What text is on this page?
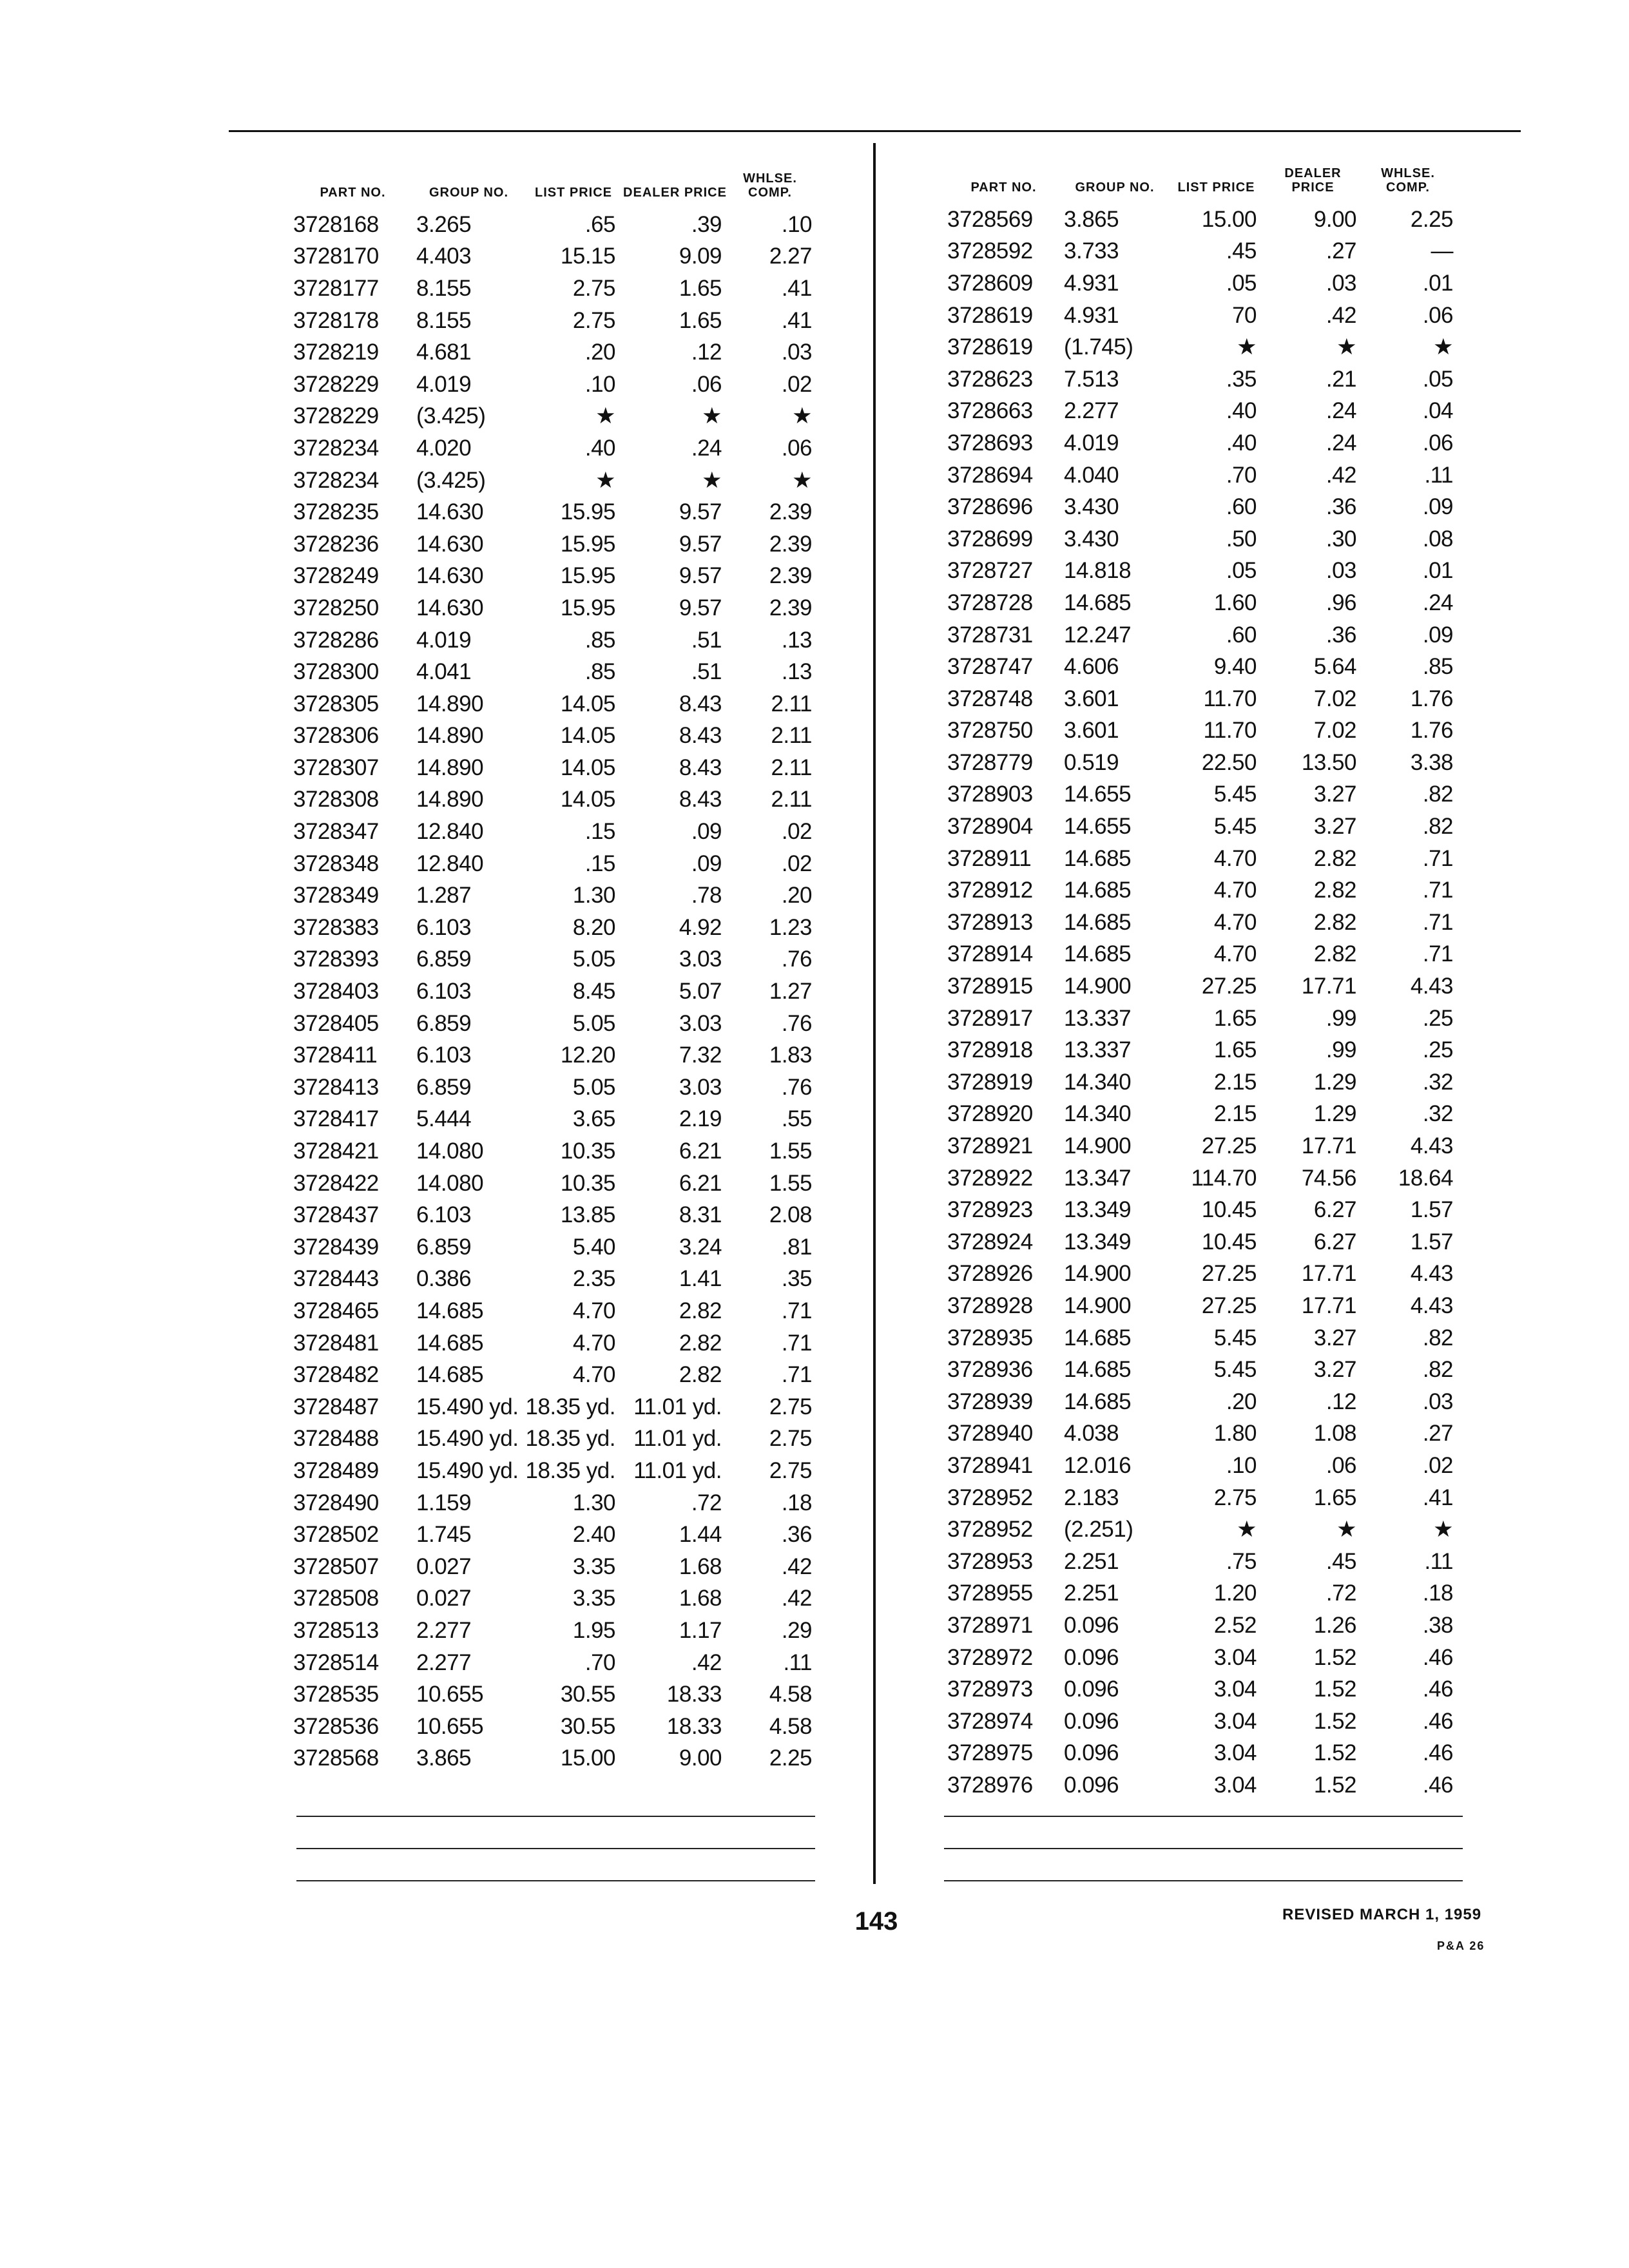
PART NO.	GROUP NO.	LIST PRICE	DEALER PRICE	WHLSE. COMP.
3728168	3.265	.65	.39	.10
3728170	4.403	15.15	9.09	2.27
3728177	8.155	2.75	1.65	.41
3728178	8.155	2.75	1.65	.41
3728219	4.681	.20	.12	.03
3728229	4.019	.10	.06	.02
3728229	(3.425)	★	★	★
3728234	4.020	.40	.24	.06
3728234	(3.425)	★	★	★
3728235	14.630	15.95	9.57	2.39
3728236	14.630	15.95	9.57	2.39
3728249	14.630	15.95	9.57	2.39
3728250	14.630	15.95	9.57	2.39
3728286	4.019	.85	.51	.13
3728300	4.041	.85	.51	.13
3728305	14.890	14.05	8.43	2.11
3728306	14.890	14.05	8.43	2.11
3728307	14.890	14.05	8.43	2.11
3728308	14.890	14.05	8.43	2.11
3728347	12.840	.15	.09	.02
3728348	12.840	.15	.09	.02
3728349	1.287	1.30	.78	.20
3728383	6.103	8.20	4.92	1.23
3728393	6.859	5.05	3.03	.76
3728403	6.103	8.45	5.07	1.27
3728405	6.859	5.05	3.03	.76
3728411	6.103	12.20	7.32	1.83
3728413	6.859	5.05	3.03	.76
3728417	5.444	3.65	2.19	.55
3728421	14.080	10.35	6.21	1.55
3728422	14.080	10.35	6.21	1.55
3728437	6.103	13.85	8.31	2.08
3728439	6.859	5.40	3.24	.81
3728443	0.386	2.35	1.41	.35
3728465	14.685	4.70	2.82	.71
3728481	14.685	4.70	2.82	.71
3728482	14.685	4.70	2.82	.71
3728487	15.490 yd.	18.35 yd.	11.01 yd.	2.75
3728488	15.490 yd.	18.35 yd.	11.01 yd.	2.75
3728489	15.490 yd.	18.35 yd.	11.01 yd.	2.75
3728490	1.159	1.30	.72	.18
3728502	1.745	2.40	1.44	.36
3728507	0.027	3.35	1.68	.42
3728508	0.027	3.35	1.68	.42
3728513	2.277	1.95	1.17	.29
3728514	2.277	.70	.42	.11
3728535	10.655	30.55	18.33	4.58
3728536	10.655	30.55	18.33	4.58
3728568	3.865	15.00	9.00	2.25
PART NO.	GROUP NO.	LIST PRICE	DEALER PRICE	WHLSE. COMP.
3728569	3.865	15.00	9.00	2.25
3728592	3.733	.45	.27	—
3728609	4.931	.05	.03	.01
3728619	4.931	70	.42	.06
3728619	(1.745)	★	★	★
3728623	7.513	.35	.21	.05
3728663	2.277	.40	.24	.04
3728693	4.019	.40	.24	.06
3728694	4.040	.70	.42	.11
3728696	3.430	.60	.36	.09
3728699	3.430	.50	.30	.08
3728727	14.818	.05	.03	.01
3728728	14.685	1.60	.96	.24
3728731	12.247	.60	.36	.09
3728747	4.606	9.40	5.64	.85
3728748	3.601	11.70	7.02	1.76
3728750	3.601	11.70	7.02	1.76
3728779	0.519	22.50	13.50	3.38
3728903	14.655	5.45	3.27	.82
3728904	14.655	5.45	3.27	.82
3728911	14.685	4.70	2.82	.71
3728912	14.685	4.70	2.82	.71
3728913	14.685	4.70	2.82	.71
3728914	14.685	4.70	2.82	.71
3728915	14.900	27.25	17.71	4.43
3728917	13.337	1.65	.99	.25
3728918	13.337	1.65	.99	.25
3728919	14.340	2.15	1.29	.32
3728920	14.340	2.15	1.29	.32
3728921	14.900	27.25	17.71	4.43
3728922	13.347	114.70	74.56	18.64
3728923	13.349	10.45	6.27	1.57
3728924	13.349	10.45	6.27	1.57
3728926	14.900	27.25	17.71	4.43
3728928	14.900	27.25	17.71	4.43
3728935	14.685	5.45	3.27	.82
3728936	14.685	5.45	3.27	.82
3728939	14.685	.20	.12	.03
3728940	4.038	1.80	1.08	.27
3728941	12.016	.10	.06	.02
3728952	2.183	2.75	1.65	.41
3728952	(2.251)	★	★	★
3728953	2.251	.75	.45	.11
3728955	2.251	1.20	.72	.18
3728971	0.096	2.52	1.26	.38
3728972	0.096	3.04	1.52	.46
3728973	0.096	3.04	1.52	.46
3728974	0.096	3.04	1.52	.46
3728975	0.096	3.04	1.52	.46
3728976	0.096	3.04	1.52	.46
143	REVISED MARCH 1, 1959
P&A 26
